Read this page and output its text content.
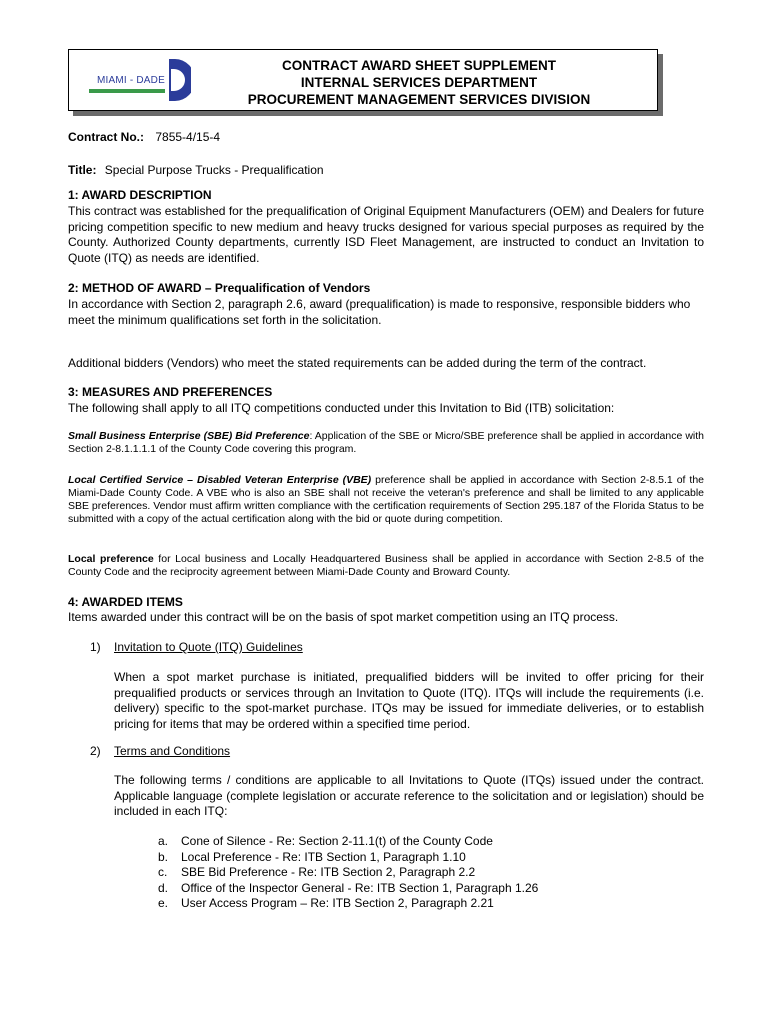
MIAMI - DADE
CONTRACT AWARD SHEET SUPPLEMENT
INTERNAL SERVICES DEPARTMENT
PROCUREMENT MANAGEMENT SERVICES DIVISION
Contract No.: 7855-4/15-4
Title: Special Purpose Trucks - Prequalification
1: AWARD DESCRIPTION
This contract was established for the prequalification of Original Equipment Manufacturers (OEM) and Dealers for future pricing competition specific to new medium and heavy trucks designed for various special purposes as required by the County. Authorized County departments, currently ISD Fleet Management, are instructed to conduct an Invitation to Quote (ITQ) as needs are identified.
2: METHOD OF AWARD – Prequalification of Vendors
In accordance with Section 2, paragraph 2.6, award (prequalification) is made to responsive, responsible bidders who meet the minimum qualifications set forth in the solicitation.
Additional bidders (Vendors) who meet the stated requirements can be added during the term of the contract.
3: MEASURES AND PREFERENCES
The following shall apply to all ITQ competitions conducted under this Invitation to Bid (ITB) solicitation:
Small Business Enterprise (SBE) Bid Preference: Application of the SBE or Micro/SBE preference shall be applied in accordance with Section 2-8.1.1.1.1 of the County Code covering this program.
Local Certified Service – Disabled Veteran Enterprise (VBE) preference shall be applied in accordance with Section 2-8.5.1 of the Miami-Dade County Code. A VBE who is also an SBE shall not receive the veteran's preference and shall be limited to any applicable SBE preferences. Vendor must affirm written compliance with the certification requirements of Section 295.187 of the Florida Status to be submitted with a copy of the actual certification along with the bid or quote during competition.
Local preference for Local business and Locally Headquartered Business shall be applied in accordance with Section 2-8.5 of the County Code and the reciprocity agreement between Miami-Dade County and Broward County.
4: AWARDED ITEMS
Items awarded under this contract will be on the basis of spot market competition using an ITQ process.
1) Invitation to Quote (ITQ) Guidelines
When a spot market purchase is initiated, prequalified bidders will be invited to offer pricing for their prequalified products or services through an Invitation to Quote (ITQ). ITQs will include the requirements (i.e. delivery) specific to the spot-market purchase. ITQs may be issued for immediate deliveries, or to establish pricing for items that may be ordered within a specified time period.
2) Terms and Conditions
The following terms / conditions are applicable to all Invitations to Quote (ITQs) issued under the contract. Applicable language (complete legislation or accurate reference to the solicitation and or legislation) should be included in each ITQ:
a. Cone of Silence - Re: Section 2-11.1(t) of the County Code
b. Local Preference - Re: ITB Section 1, Paragraph 1.10
c. SBE Bid Preference - Re: ITB Section 2, Paragraph 2.2
d. Office of the Inspector General - Re: ITB Section 1, Paragraph 1.26
e. User Access Program – Re: ITB Section 2, Paragraph 2.21
